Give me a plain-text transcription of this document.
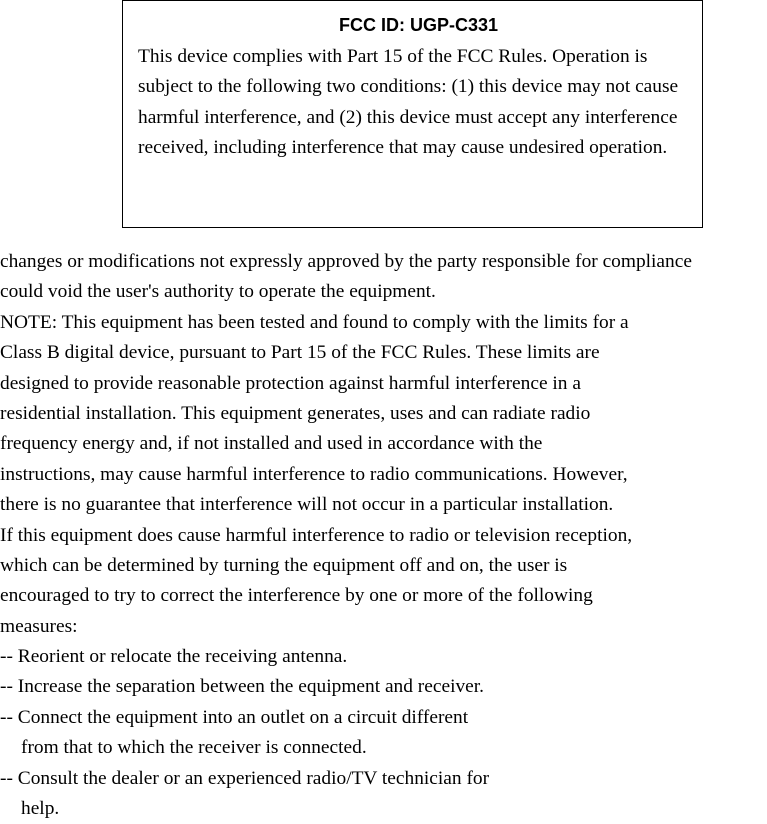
FCC ID: UGP-C331

This device complies with Part 15 of the FCC Rules. Operation is subject to the following two conditions: (1) this device may not cause harmful interference, and (2) this device must accept any interference received, including interference that may cause undesired operation.

changes or modifications not expressly approved by the party responsible for compliance
could void the user's authority to operate the equipment.
NOTE: This equipment has been tested and found to comply with the limits for a
Class B digital device, pursuant to Part 15 of the FCC Rules. These limits are
designed to provide reasonable protection against harmful interference in a
residential installation. This equipment generates, uses and can radiate radio
frequency energy and, if not installed and used in accordance with the
instructions, may cause harmful interference to radio communications. However,
there is no guarantee that interference will not occur in a particular installation.
If this equipment does cause harmful interference to radio or television reception,
which can be determined by turning the equipment off and on, the user is
encouraged to try to correct the interference by one or more of the following
measures:
-- Reorient or relocate the receiving antenna.
-- Increase the separation between the equipment and receiver.
-- Connect the equipment into an outlet on a circuit different
from that to which the receiver is connected.
-- Consult the dealer or an experienced radio/TV technician for
help.
